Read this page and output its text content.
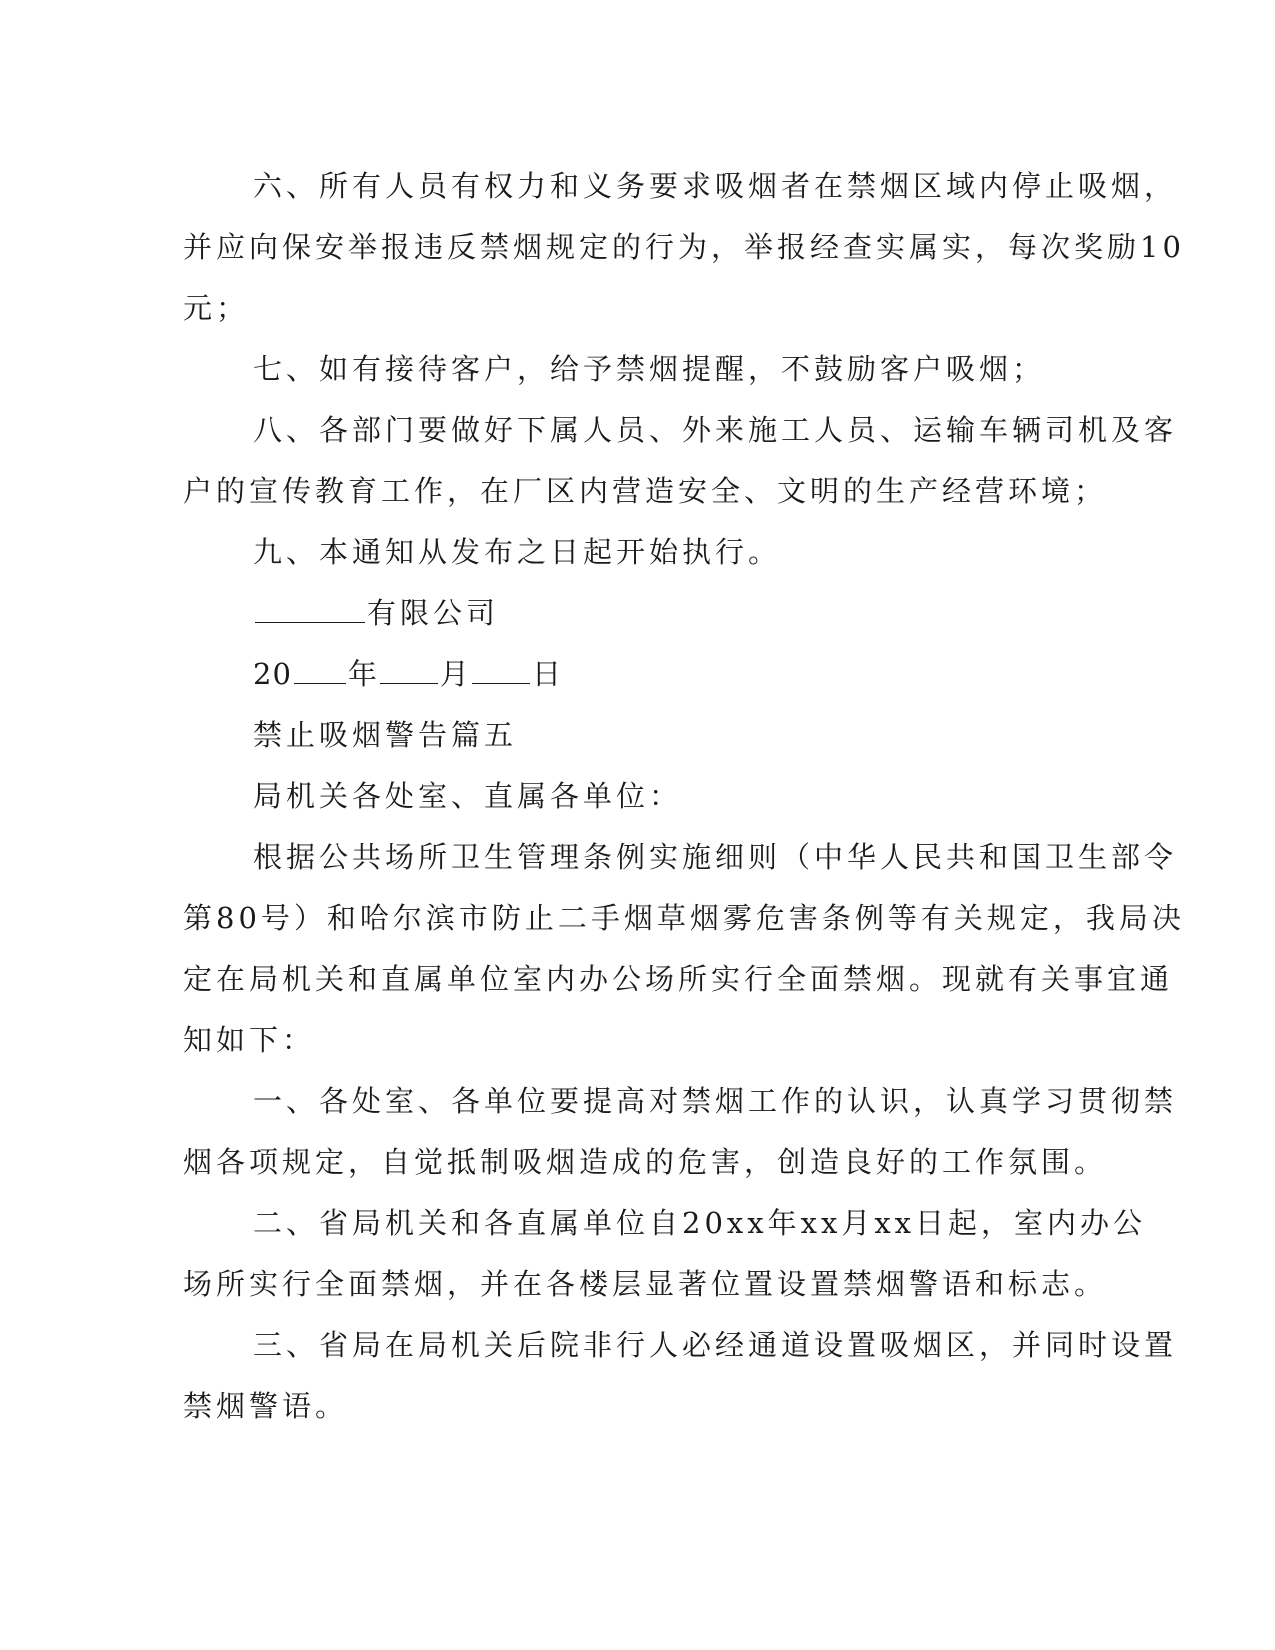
六、所有人员有权力和义务要求吸烟者在禁烟区域内停止吸烟，
并应向保安举报违反禁烟规定的行为，举报经查实属实，每次奖励10
元；
七、如有接待客户，给予禁烟提醒，不鼓励客户吸烟；
八、各部门要做好下属人员、外来施工人员、运输车辆司机及客
户的宣传教育工作，在厂区内营造安全、文明的生产经营环境；
九、本通知从发布之日起开始执行。
有限公司
20 年 月 日
禁止吸烟警告篇五
局机关各处室、直属各单位：
根据公共场所卫生管理条例实施细则（中华人民共和国卫生部令
第80号）和哈尔滨市防止二手烟草烟雾危害条例等有关规定，我局决
定在局机关和直属单位室内办公场所实行全面禁烟。现就有关事宜通
知如下：
一、各处室、各单位要提高对禁烟工作的认识，认真学习贯彻禁
烟各项规定，自觉抵制吸烟造成的危害，创造良好的工作氛围。
二、省局机关和各直属单位自20xx年xx月xx日起，室内办公
场所实行全面禁烟，并在各楼层显著位置设置禁烟警语和标志。
三、省局在局机关后院非行人必经通道设置吸烟区，并同时设置
禁烟警语。
